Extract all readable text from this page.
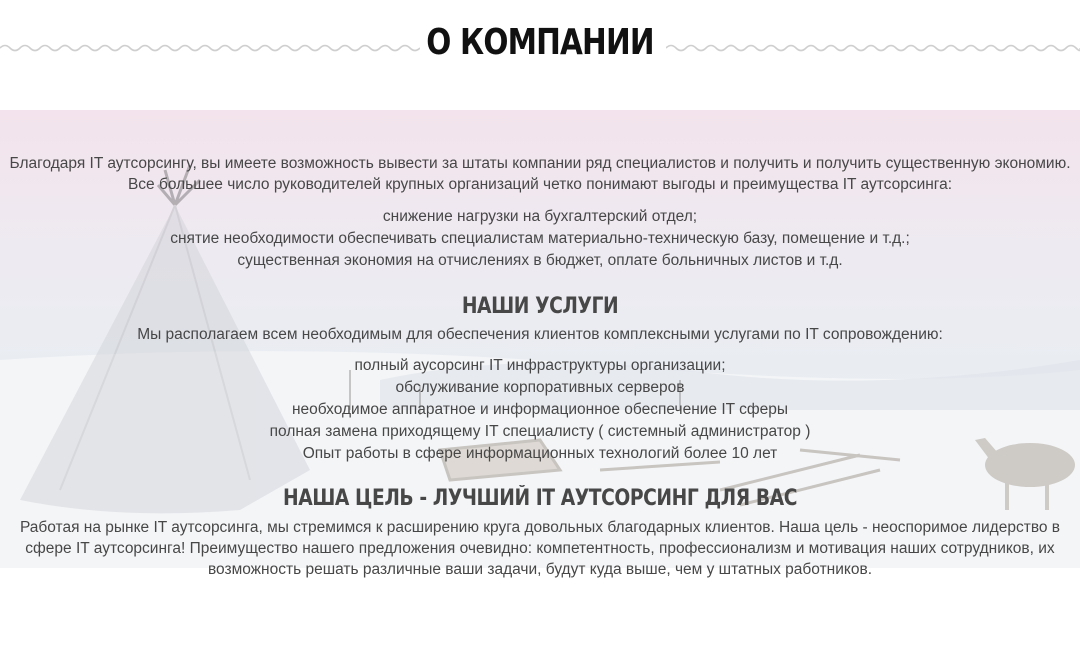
О КОМПАНИИ

Благодаря IT аутсорсингу, вы имеете возможность вывести за штаты компании ряд специалистов и получить и получить существенную экономию. Все большее число руководителей крупных организаций четко понимают выгоды и преимущества IT аутсорсинга:

снижение нагрузки на бухгалтерский отдел;
снятие необходимости обеспечивать специалистам материально-техническую базу, помещение и т.д.;
существенная экономия на отчислениях в бюджет, оплате больничных листов и т.д.
НАШИ УСЛУГИ

Мы располагаем всем необходимым для обеспечения клиентов комплексными услугами по IT сопровождению:

полный аусорсинг IT инфраструктуры организации;
обслуживание корпоративных серверов
необходимое аппаратное и информационное обеспечение IT сферы
полная замена приходящему IT специалисту ( системный администратор )
Опыт работы в сфере информационных технологий более 10 лет
НАША ЦЕЛЬ - ЛУЧШИЙ IT АУТСОРСИНГ ДЛЯ ВАС

Работая на рынке IT аутсорсинга, мы стремимся к расширению круга довольных благодарных клиентов. Наша цель - неоспоримое лидерство в сфере IT аутсорсинга! Преимущество нашего предложения очевидно: компетентность, профессионализм и мотивация наших сотрудников, их возможность решать различные ваши задачи, будут куда выше, чем у штатных работников.
